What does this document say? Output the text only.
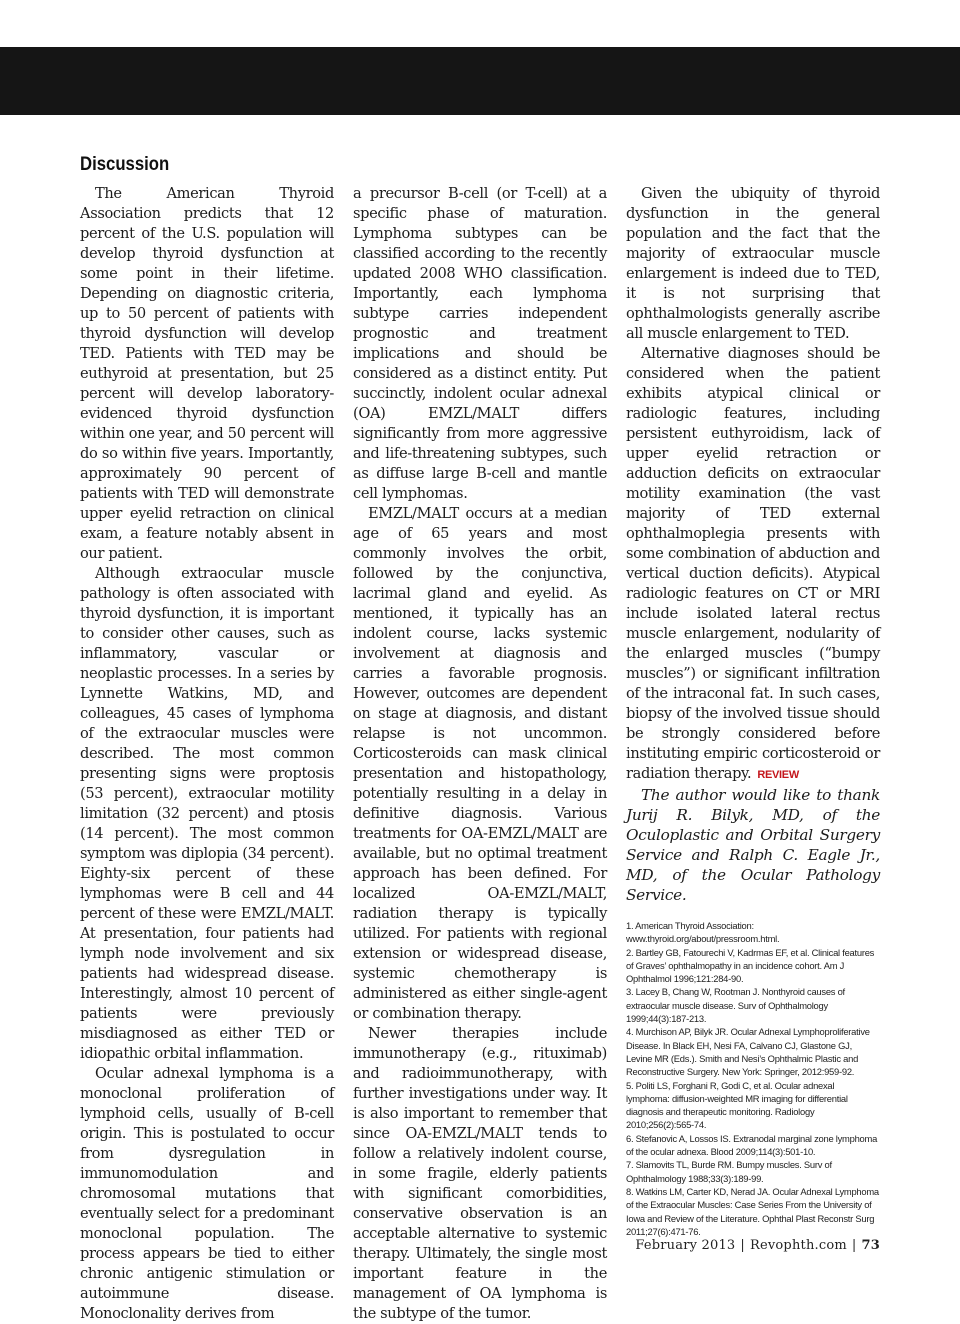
Discussion

The American Thyroid Association predicts that 12 percent of the U.S. population will develop thyroid dysfunction at some point in their lifetime. Depending on diagnostic criteria, up to 50 percent of patients with thyroid dysfunction will develop TED. Patients with TED may be euthyroid at presentation, but 25 percent will develop laboratory-evidenced thyroid dysfunction within one year, and 50 percent will do so within five years. Importantly, approximately 90 percent of patients with TED will demonstrate upper eyelid retraction on clinical exam, a feature notably absent in our patient.

Although extraocular muscle pathology is often associated with thyroid dysfunction, it is important to consider other causes, such as inflammatory, vascular or neoplastic processes. In a series by Lynnette Watkins, MD, and colleagues, 45 cases of lymphoma of the extraocular muscles were described. The most common presenting signs were proptosis (53 percent), extraocular motility limitation (32 percent) and ptosis (14 percent). The most common symptom was diplopia (34 percent). Eighty-six percent of these lymphomas were B cell and 44 percent of these were EMZL/MALT. At presentation, four patients had lymph node involvement and six patients had widespread disease. Interestingly, almost 10 percent of patients were previously misdiagnosed as either TED or idiopathic orbital inflammation.

Ocular adnexal lymphoma is a monoclonal proliferation of lymphoid cells, usually of B-cell origin. This is postulated to occur from dysregulation in immunomodulation and chromosomal mutations that eventually select for a predominant monoclonal population. The process appears be tied to either chronic antigenic stimulation or autoimmune disease. Monoclonality derives from

a precursor B-cell (or T-cell) at a specific phase of maturation. Lymphoma subtypes can be classified according to the recently updated 2008 WHO classification. Importantly, each lymphoma subtype carries independent prognostic and treatment implications and should be considered as a distinct entity. Put succinctly, indolent ocular adnexal (OA) EMZL/MALT differs significantly from more aggressive and life-threatening subtypes, such as diffuse large B-cell and mantle cell lymphomas.

EMZL/MALT occurs at a median age of 65 years and most commonly involves the orbit, followed by the conjunctiva, lacrimal gland and eyelid. As mentioned, it typically has an indolent course, lacks systemic involvement at diagnosis and carries a favorable prognosis. However, outcomes are dependent on stage at diagnosis, and distant relapse is not uncommon. Corticosteroids can mask clinical presentation and histopathology, potentially resulting in a delay in definitive diagnosis. Various treatments for OA-EMZL/MALT are available, but no optimal treatment approach has been defined. For localized OA-EMZL/MALT, radiation therapy is typically utilized. For patients with regional extension or widespread disease, systemic chemotherapy is administered as either single-agent or combination therapy.

Newer therapies include immunotherapy (e.g., rituximab) and radioimmunotherapy, with further investigations under way. It is also important to remember that since OA-EMZL/MALT tends to follow a relatively indolent course, in some fragile, elderly patients with significant comorbidities, conservative observation is an acceptable alternative to systemic therapy. Ultimately, the single most important feature in the management of OA lymphoma is the subtype of the tumor.

Given the ubiquity of thyroid dysfunction in the general population and the fact that the majority of extraocular muscle enlargement is indeed due to TED, it is not surprising that ophthalmologists generally ascribe all muscle enlargement to TED.

Alternative diagnoses should be considered when the patient exhibits atypical clinical or radiologic features, including persistent euthyroidism, lack of upper eyelid retraction or adduction deficits on extraocular motility examination (the vast majority of TED external ophthalmoplegia presents with some combination of abduction and vertical duction deficits). Atypical radiologic features on CT or MRI include isolated lateral rectus muscle enlargement, nodularity of the enlarged muscles (“bumpy muscles”) or significant infiltration of the intraconal fat. In such cases, biopsy of the involved tissue should be strongly considered before instituting empiric corticosteroid or radiation therapy. REVIEW

The author would like to thank Jurij R. Bilyk, MD, of the Oculoplastic and Orbital Surgery Service and Ralph C. Eagle Jr., MD, of the Ocular Pathology Service.

1. American Thyroid Association: www.thyroid.org/about/pressroom.html.
2. Bartley GB, Fatourechi V, Kadrmas EF, et al. Clinical features of Graves’ ophthalmopathy in an incidence cohort. Am J Ophthalmol 1996;121:284-90.
3. Lacey B, Chang W, Rootman J. Nonthyroid causes of extraocular muscle disease. Surv of Ophthalmology 1999;44(3):187-213.
4. Murchison AP, Bilyk JR. Ocular Adnexal Lymphoproliferative Disease. In Black EH, Nesi FA, Calvano CJ, Glastone GJ, Levine MR (Eds.). Smith and Nesi’s Ophthalmic Plastic and Reconstructive Surgery. New York: Springer, 2012:959-92.
5. Politi LS, Forghani R, Godi C, et al. Ocular adnexal lymphoma: diffusion-weighted MR imaging for differential diagnosis and therapeutic monitoring. Radiology 2010;256(2):565-74.
6. Stefanovic A, Lossos IS. Extranodal marginal zone lymphoma of the ocular adnexa. Blood 2009;114(3):501-10.
7. Slamovits TL, Burde RM. Bumpy muscles. Surv of Ophthalmology 1988;33(3):189-99.
8. Watkins LM, Carter KD, Nerad JA. Ocular Adnexal Lymphoma of the Extraocular Muscles: Case Series From the University of Iowa and Review of the Literature. Ophthal Plast Reconstr Surg 2011;27(6):471-76.
February 2013 | Revophth.com | 73
